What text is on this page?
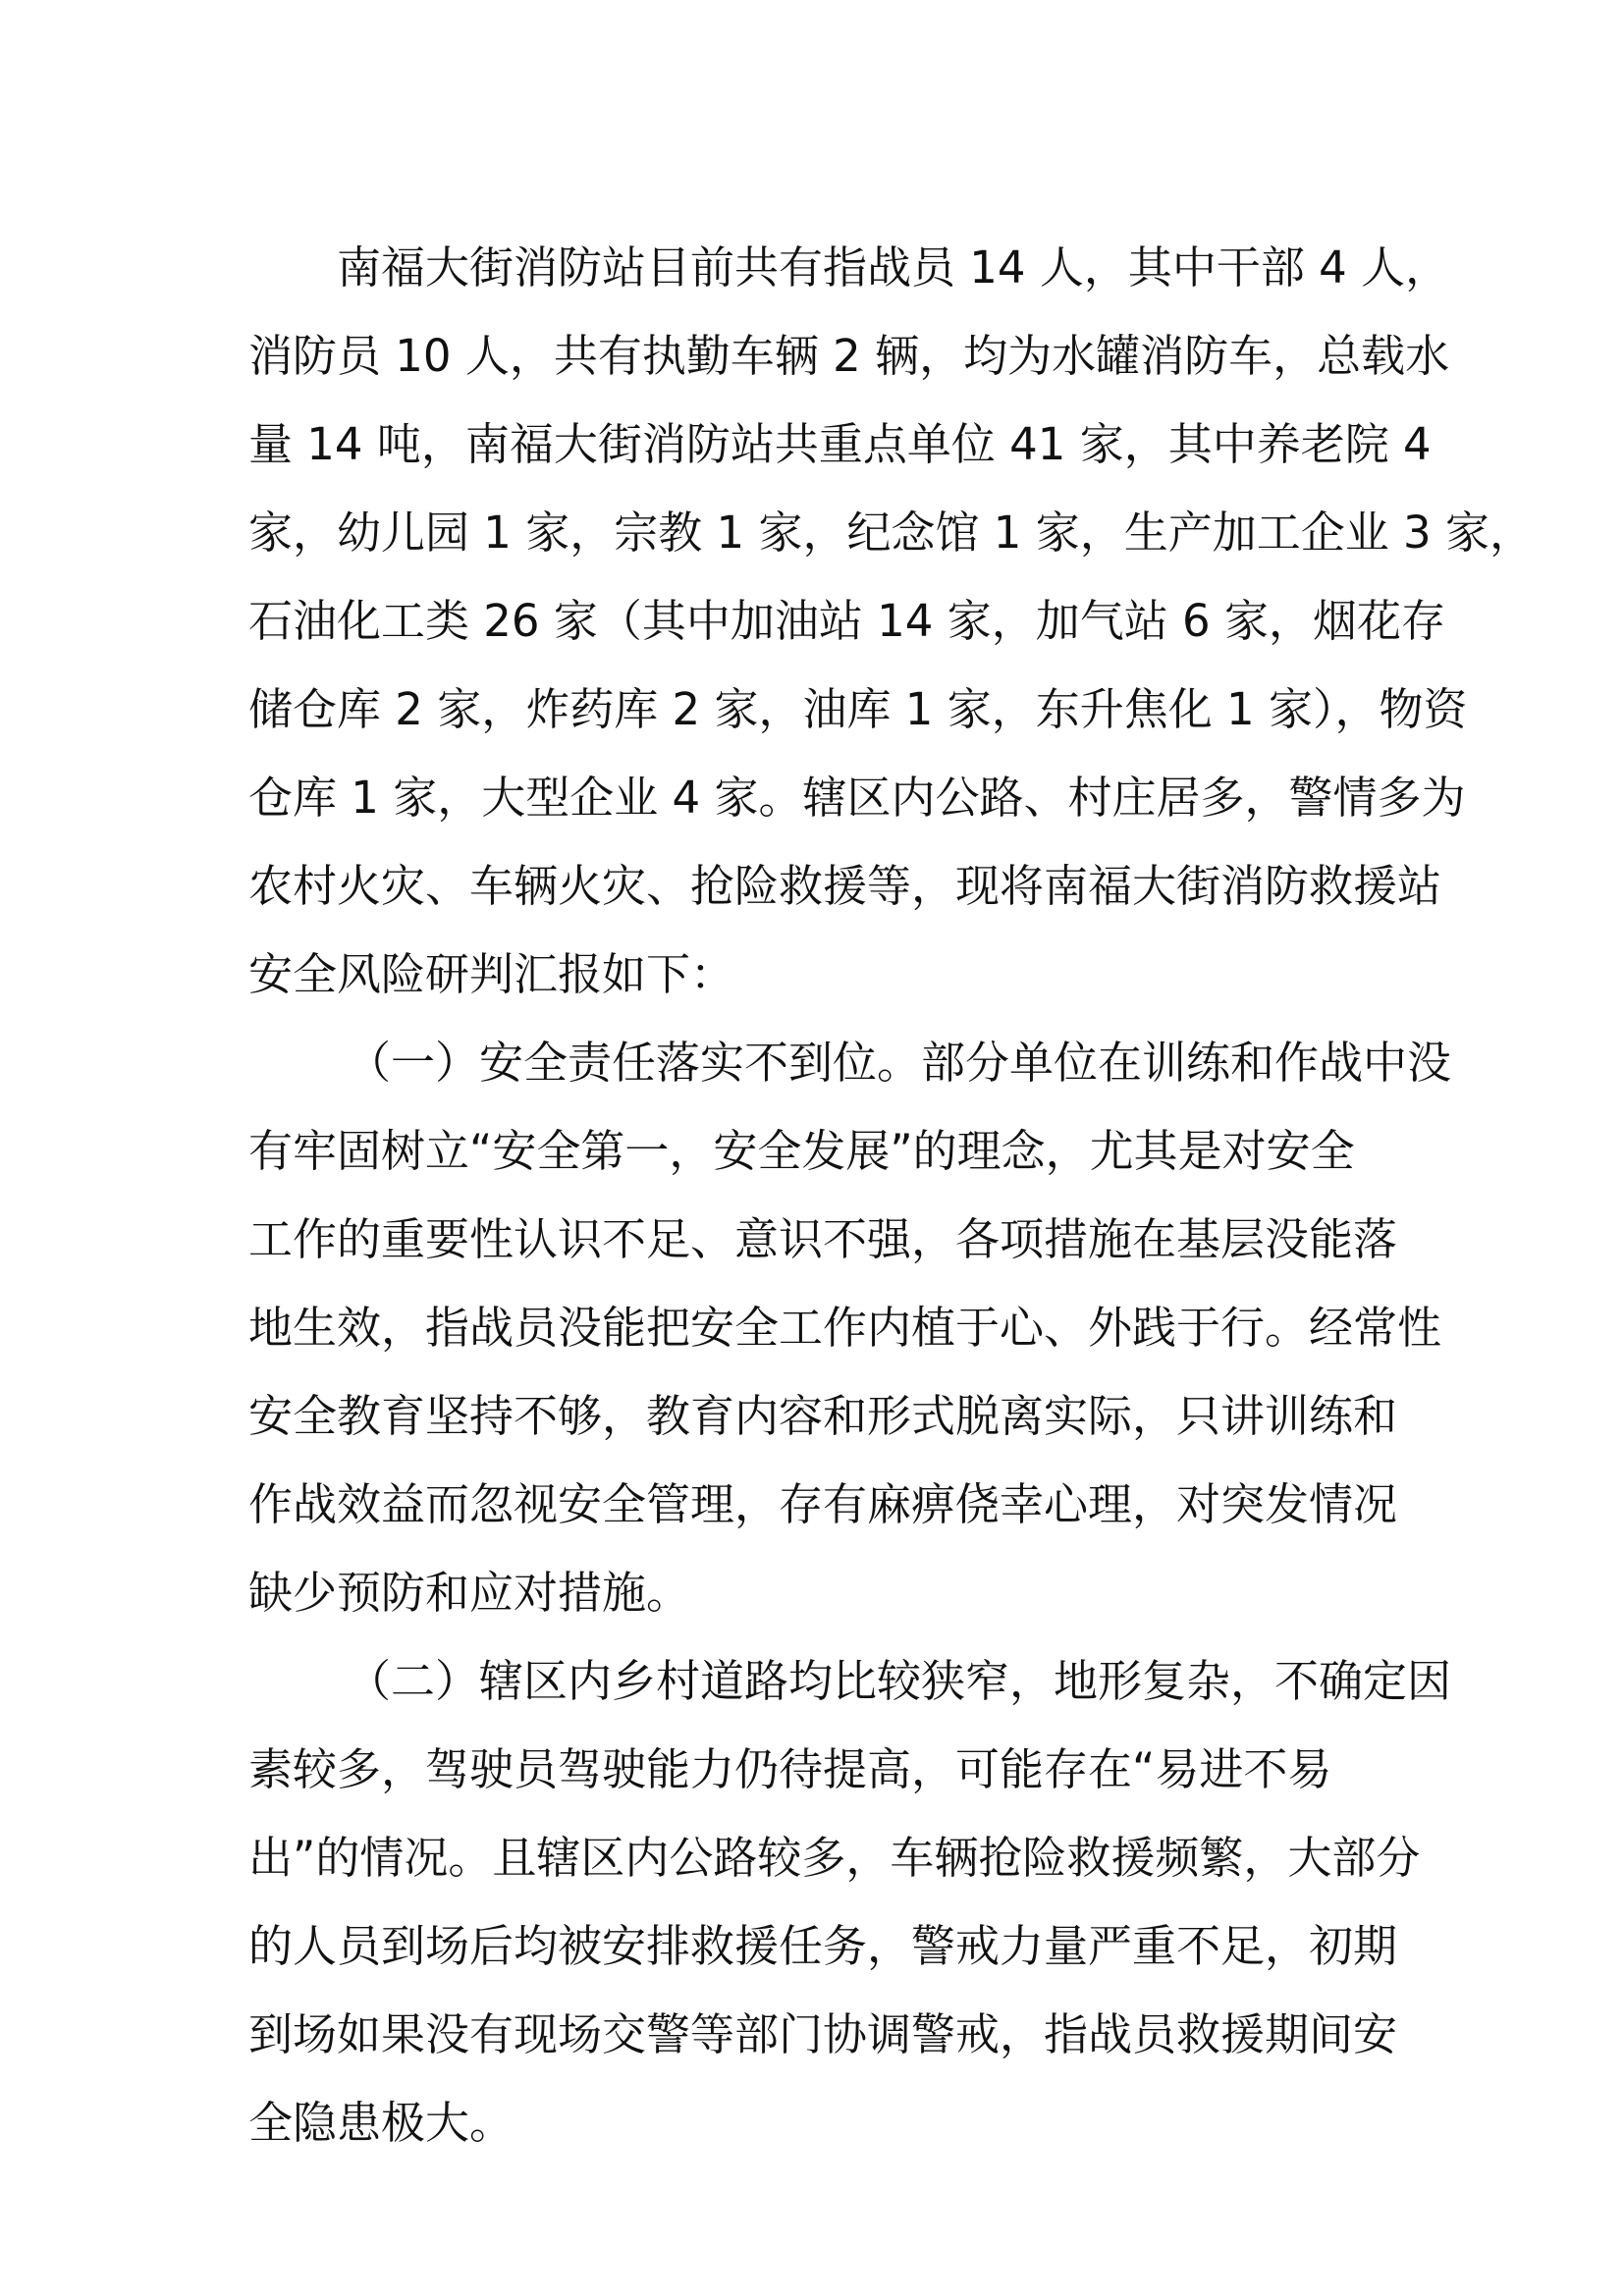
南福大街消防站目前共有指战员 14 人，其中干部 4 人，
消防员 10 人，共有执勤车辆 2 辆，均为水罐消防车，总载水
量 14 吨，南福大街消防站共重点单位 41 家，其中养老院 4
家，幼儿园 1 家，宗教 1 家，纪念馆 1 家，生产加工企业 3 家，
石油化工类 26 家（其中加油站 14 家，加气站 6 家，烟花存
储仓库 2 家，炸药库 2 家，油库 1 家，东升焦化 1 家），物资
仓库 1 家，大型企业 4 家。辖区内公路、村庄居多，警情多为
农村火灾、车辆火灾、抢险救援等，现将南福大街消防救援站
安全风险研判汇报如下：
（一）安全责任落实不到位。部分单位在训练和作战中没
有牢固树立“安全第一，安全发展”的理念，尤其是对安全
工作的重要性认识不足、意识不强，各项措施在基层没能落
地生效，指战员没能把安全工作内植于心、外践于行。经常性
安全教育坚持不够，教育内容和形式脱离实际，只讲训练和
作战效益而忽视安全管理，存有麻痹侥幸心理，对突发情况
缺少预防和应对措施。
（二）辖区内乡村道路均比较狭窄，地形复杂，不确定因
素较多，驾驶员驾驶能力仍待提高，可能存在“易进不易
出”的情况。且辖区内公路较多，车辆抢险救援频繁，大部分
的人员到场后均被安排救援任务，警戒力量严重不足，初期
到场如果没有现场交警等部门协调警戒，指战员救援期间安
全隐患极大。
